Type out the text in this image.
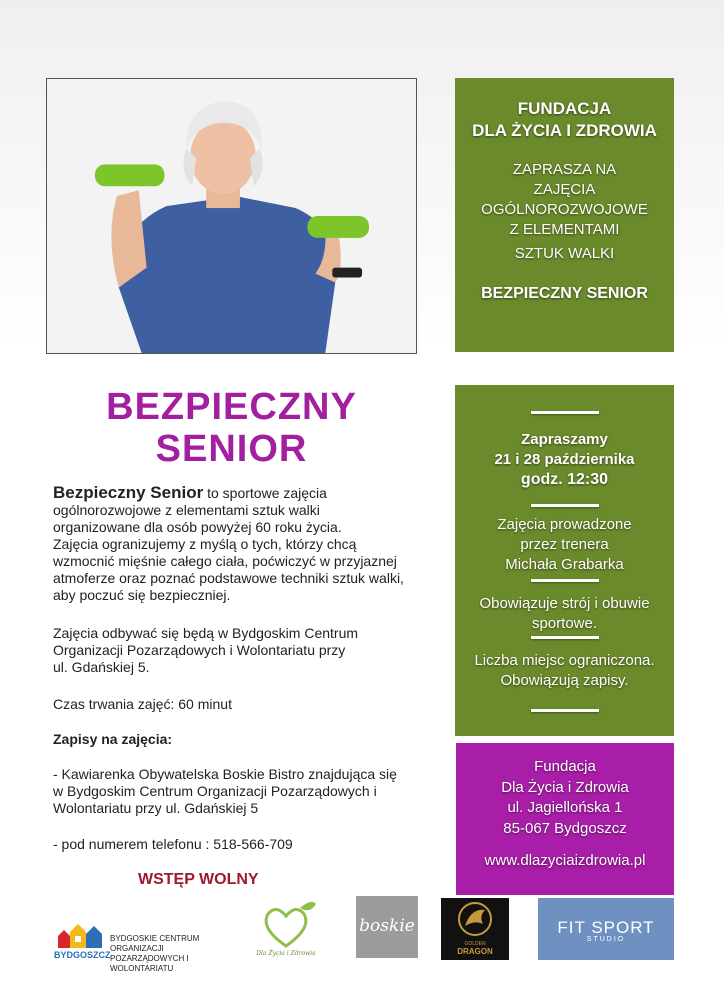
FUNDACJA
DLA ŻYCIA I ZDROWIA
ZAPRASZA NA
ZAJĘCIA
OGÓLNOROZWOJOWE
Z ELEMENTAMI
SZTUK WALKI
BEZPIECZNY SENIOR
Zapraszamy
21 i 28 października
godz. 12:30
Zajęcia prowadzone
przez trenera
Michała Grabarka
Obowiązuje strój i obuwie
sportowe.
Liczba miejsc ograniczona.
Obowiązują zapisy.
Fundacja
Dla Życia i Zdrowia
ul. Jagiellońska 1
85-067 Bydgoszcz
www.dlazyciaizdrowia.pl
BEZPIECZNY
SENIOR
Bezpieczny Senior to sportowe zajęcia
ogólnorozwojowe z elementami sztuk walki
organizowane dla osób powyżej 60 roku życia.
Zajęcia ogranizujemy z myślą o tych, którzy chcą
wzmocnić mięśnie całego ciała, poćwiczyć w przyjaznej
atmoferze oraz poznać podstawowe techniki sztuk walki,
aby poczuć się bezpieczniej.
Zajęcia odbywać się będą w Bydgoskim Centrum
Organizacji Pozarządowych i Wolontariatu przy
ul. Gdańskiej 5.
Czas trwania zajęć: 60 minut
Zapisy na zajęcia:
- Kawiarenka Obywatelska Boskie Bistro znajdująca się
w Bydgoskim Centrum Organizacji Pozarządowych i
Wolontariatu przy ul. Gdańskiej 5
- pod numerem telefonu : 518-566-709
WSTĘP WOLNY
BYDGOSZCZ
BYDGOSKIE CENTRUM ORGANIZACJI
POZARZĄDOWYCH I WOLONTARIATU
Dla Życia i Zdrowia
boskie
GOLDEN
DRAGON
FIT SPORT
STUDIO
